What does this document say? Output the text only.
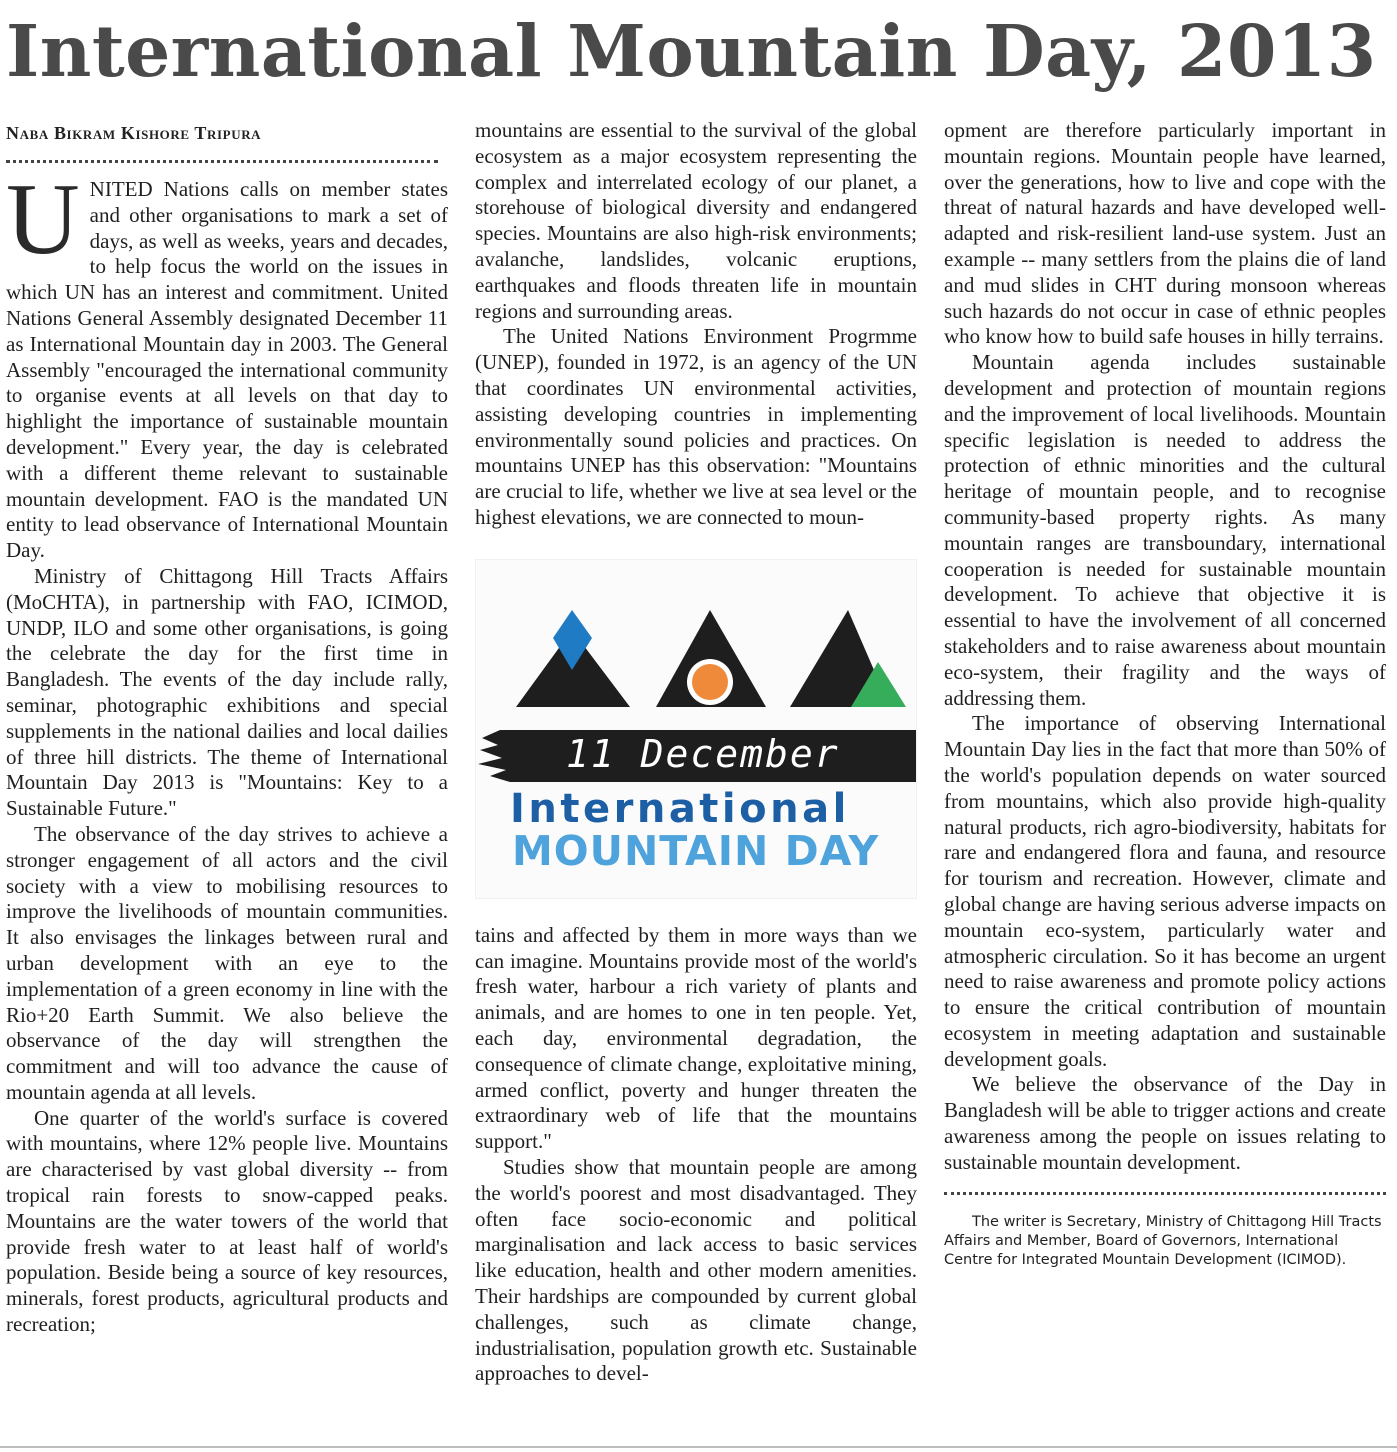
International Mountain Day, 2013
Naba Bikram Kishore Tripura

UNITED Nations calls on member states and other organisations to mark a set of days, as well as weeks, years and decades, to help focus the world on the issues in which UN has an interest and commitment. United Nations General Assembly designated December 11 as International Mountain day in 2003. The General Assembly "encouraged the international community to organise events at all levels on that day to highlight the importance of sustainable mountain development." Every year, the day is celebrated with a different theme relevant to sustainable mountain development. FAO is the mandated UN entity to lead observance of International Mountain Day.

Ministry of Chittagong Hill Tracts Affairs (MoCHTA), in partnership with FAO, ICIMOD, UNDP, ILO and some other organisations, is going the celebrate the day for the first time in Bangladesh. The events of the day include rally, seminar, photographic exhibitions and special supplements in the national dailies and local dailies of three hill districts. The theme of International Mountain Day 2013 is "Mountains: Key to a Sustainable Future."

The observance of the day strives to achieve a stronger engagement of all actors and the civil society with a view to mobilising resources to improve the livelihoods of mountain communities. It also envisages the linkages between rural and urban development with an eye to the implementation of a green economy in line with the Rio+20 Earth Summit. We also believe the observance of the day will strengthen the commitment and will too advance the cause of mountain agenda at all levels.

One quarter of the world's surface is covered with mountains, where 12% people live. Mountains are characterised by vast global diversity -- from tropical rain forests to snow-capped peaks. Mountains are the water towers of the world that provide fresh water to at least half of world's population. Beside being a source of key resources, minerals, forest products, agricultural products and recreation;

mountains are essential to the survival of the global ecosystem as a major ecosystem representing the complex and interrelated ecology of our planet, a storehouse of biological diversity and endangered species. Mountains are also high-risk environments; avalanche, landslides, volcanic eruptions, earthquakes and floods threaten life in mountain regions and surrounding areas.

The United Nations Environment Progrmme (UNEP), founded in 1972, is an agency of the UN that coordinates UN environmental activities, assisting developing countries in implementing environmentally sound policies and practices. On mountains UNEP has this observation: "Mountains are crucial to life, whether we live at sea level or the highest elevations, we are connected to moun-

11 December
International
MOUNTAIN DAY

tains and affected by them in more ways than we can imagine. Mountains provide most of the world's fresh water, harbour a rich variety of plants and animals, and are homes to one in ten people. Yet, each day, environmental degradation, the consequence of climate change, exploitative mining, armed conflict, poverty and hunger threaten the extraordinary web of life that the mountains support."

Studies show that mountain people are among the world's poorest and most disadvantaged. They often face socio-economic and political marginalisation and lack access to basic services like education, health and other modern amenities. Their hardships are compounded by current global challenges, such as climate change, industrialisation, population growth etc. Sustainable approaches to devel-

opment are therefore particularly important in mountain regions. Mountain people have learned, over the generations, how to live and cope with the threat of natural hazards and have developed well-adapted and risk-resilient land-use system. Just an example -- many settlers from the plains die of land and mud slides in CHT during monsoon whereas such hazards do not occur in case of ethnic peoples who know how to build safe houses in hilly terrains.

Mountain agenda includes sustainable development and protection of mountain regions and the improvement of local livelihoods. Mountain specific legislation is needed to address the protection of ethnic minorities and the cultural heritage of mountain people, and to recognise community-based property rights. As many mountain ranges are transboundary, international cooperation is needed for sustainable mountain development. To achieve that objective it is essential to have the involvement of all concerned stakeholders and to raise awareness about mountain eco-system, their fragility and the ways of addressing them.

The importance of observing International Mountain Day lies in the fact that more than 50% of the world's population depends on water sourced from mountains, which also provide high-quality natural products, rich agro-biodiversity, habitats for rare and endangered flora and fauna, and resource for tourism and recreation. However, climate and global change are having serious adverse impacts on mountain eco-system, particularly water and atmospheric circulation. So it has become an urgent need to raise awareness and promote policy actions to ensure the critical contribution of mountain ecosystem in meeting adaptation and sustainable development goals.

We believe the observance of the Day in Bangladesh will be able to trigger actions and create awareness among the people on issues relating to sustainable mountain development.

The writer is Secretary, Ministry of Chittagong Hill Tracts Affairs and Member, Board of Governors, International Centre for Integrated Mountain Development (ICIMOD).
